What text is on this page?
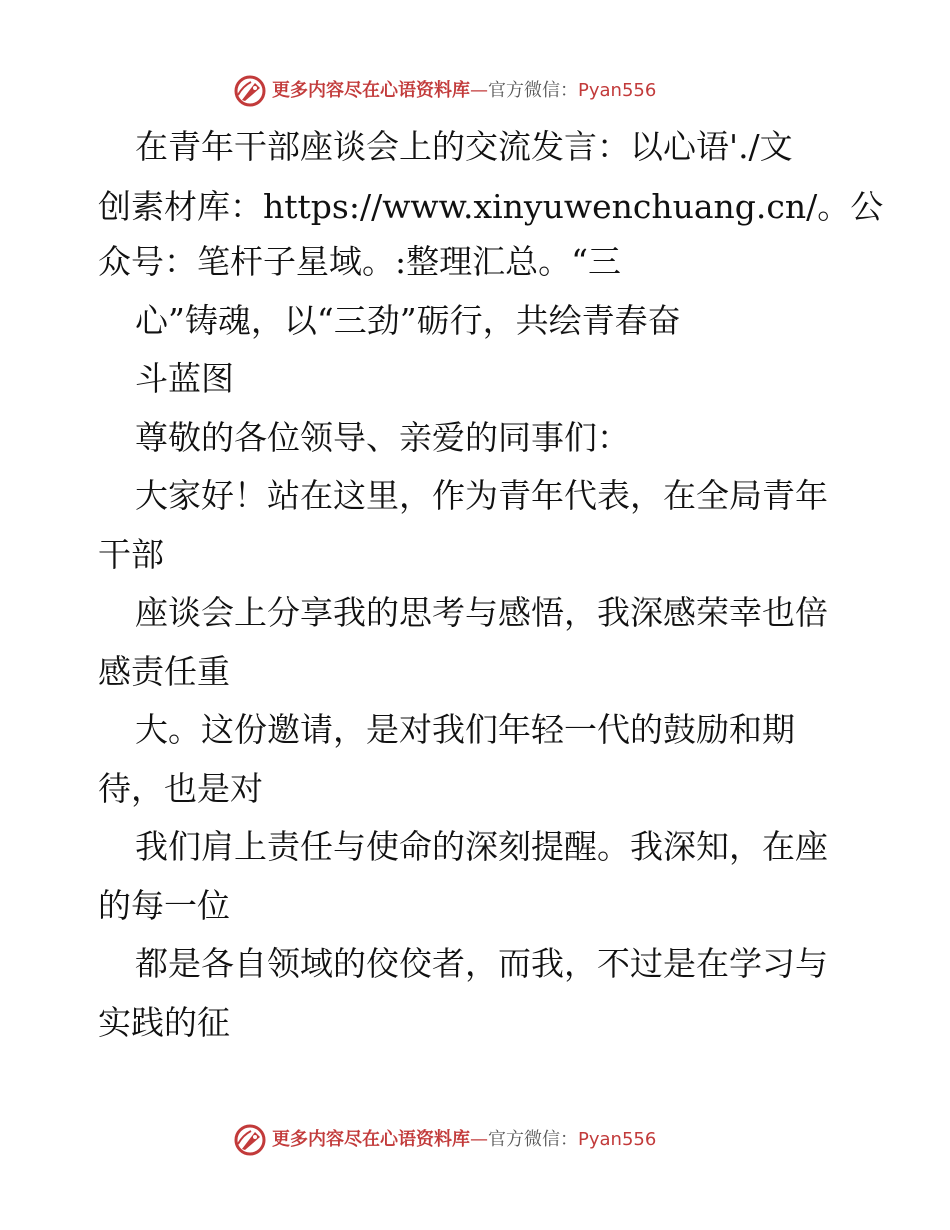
更多内容尽在心语资料库—官方微信：Pyan556
在青年干部座谈会上的交流发言：以心语'./文
创素材库：https://www.xinyuwenchuang.cn/。公
众号：笔杆子星域。:整理汇总。“三
心”铸魂，以“三劲”砺行，共绘青春奋
斗蓝图
尊敬的各位领导、亲爱的同事们：
大家好！站在这里，作为青年代表，在全局青年
干部
座谈会上分享我的思考与感悟，我深感荣幸也倍
感责任重
大。这份邀请，是对我们年轻一代的鼓励和期
待，也是对
我们肩上责任与使命的深刻提醒。我深知，在座
的每一位
都是各自领域的佼佼者，而我，不过是在学习与
实践的征
更多内容尽在心语资料库—官方微信：Pyan556
